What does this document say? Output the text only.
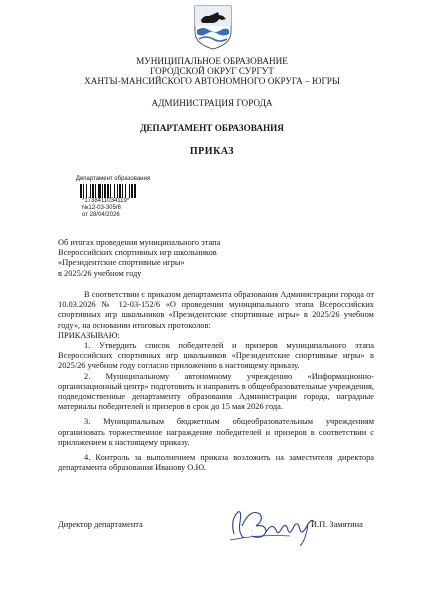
МУНИЦИПАЛЬНОЕ ОБРАЗОВАНИЕ
ГОРОДСКОЙ ОКРУГ СУРГУТ
ХАНТЫ-МАНСИЙСКОГО АВТОНОМНОГО ОКРУГА – ЮГРЫ
АДМИНИСТРАЦИЯ ГОРОДА
ДЕПАРТАМЕНТ ОБРАЗОВАНИЯ
ПРИКАЗ
Департамент образования
*1738411034119*
№12-03-305/6
от 28/04/2026
Об итогах проведения муниципального этапа
Всероссийских спортивных игр школьников
«Президентские спортивные игры»
в 2025/26 учебном году

В соответствии с приказом департамента образования Администрации города от 10.03.2026 № 12-03-152/6 «О проведении муниципального этапа Всероссийских спортивных игр школьников «Президентские спортивные игры» в 2025/26 учебном году», на основании итоговых протоколов:

ПРИКАЗЫВАЮ:

1. Утвердить список победителей и призеров муниципального этапа Всероссийских спортивных игр школьников «Президентские спортивные игры» в 2025/26 учебном году согласно приложению к настоящему приказу.

2. Муниципальному автономному учреждению «Информационно-организационный центр» подготовить и направить в общеобразовательные учреждения, подведомственные департаменту образования Администрации города, наградные материалы победителей и призеров в срок до 15 мая 2026 года.

3. Муниципальным бюджетным общеобразовательным учреждениям организовать торжественное награждение победителей и призеров в соответствии с приложением к настоящему приказу.

4. Контроль за выполнением приказа возложить на заместителя директора департамента образования Иванову О.Ю.

Директор департамента	И.П. Замятина
